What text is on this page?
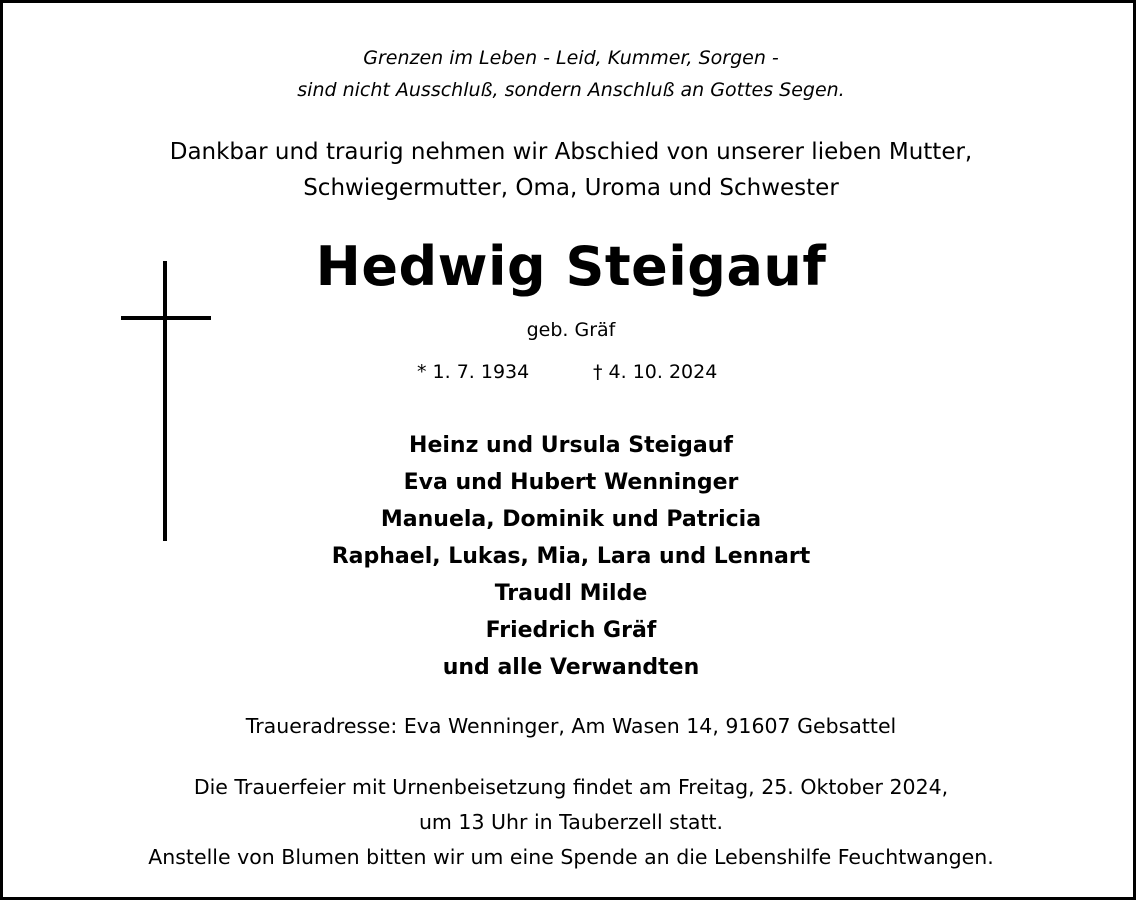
Grenzen im Leben - Leid, Kummer, Sorgen -
sind nicht Ausschluß, sondern Anschluß an Gottes Segen.
Dankbar und traurig nehmen wir Abschied von unserer lieben Mutter,
Schwiegermutter, Oma, Uroma und Schwester
Hedwig Steigauf
geb. Gräf
* 1. 7. 1934	† 4. 10. 2024
Heinz und Ursula Steigauf
Eva und Hubert Wenninger
Manuela, Dominik und Patricia
Raphael, Lukas, Mia, Lara und Lennart
Traudl Milde
Friedrich Gräf
und alle Verwandten
Traueradresse: Eva Wenninger, Am Wasen 14, 91607 Gebsattel
Die Trauerfeier mit Urnenbeisetzung findet am Freitag, 25. Oktober 2024,
um 13 Uhr in Tauberzell statt.
Anstelle von Blumen bitten wir um eine Spende an die Lebenshilfe Feuchtwangen.
